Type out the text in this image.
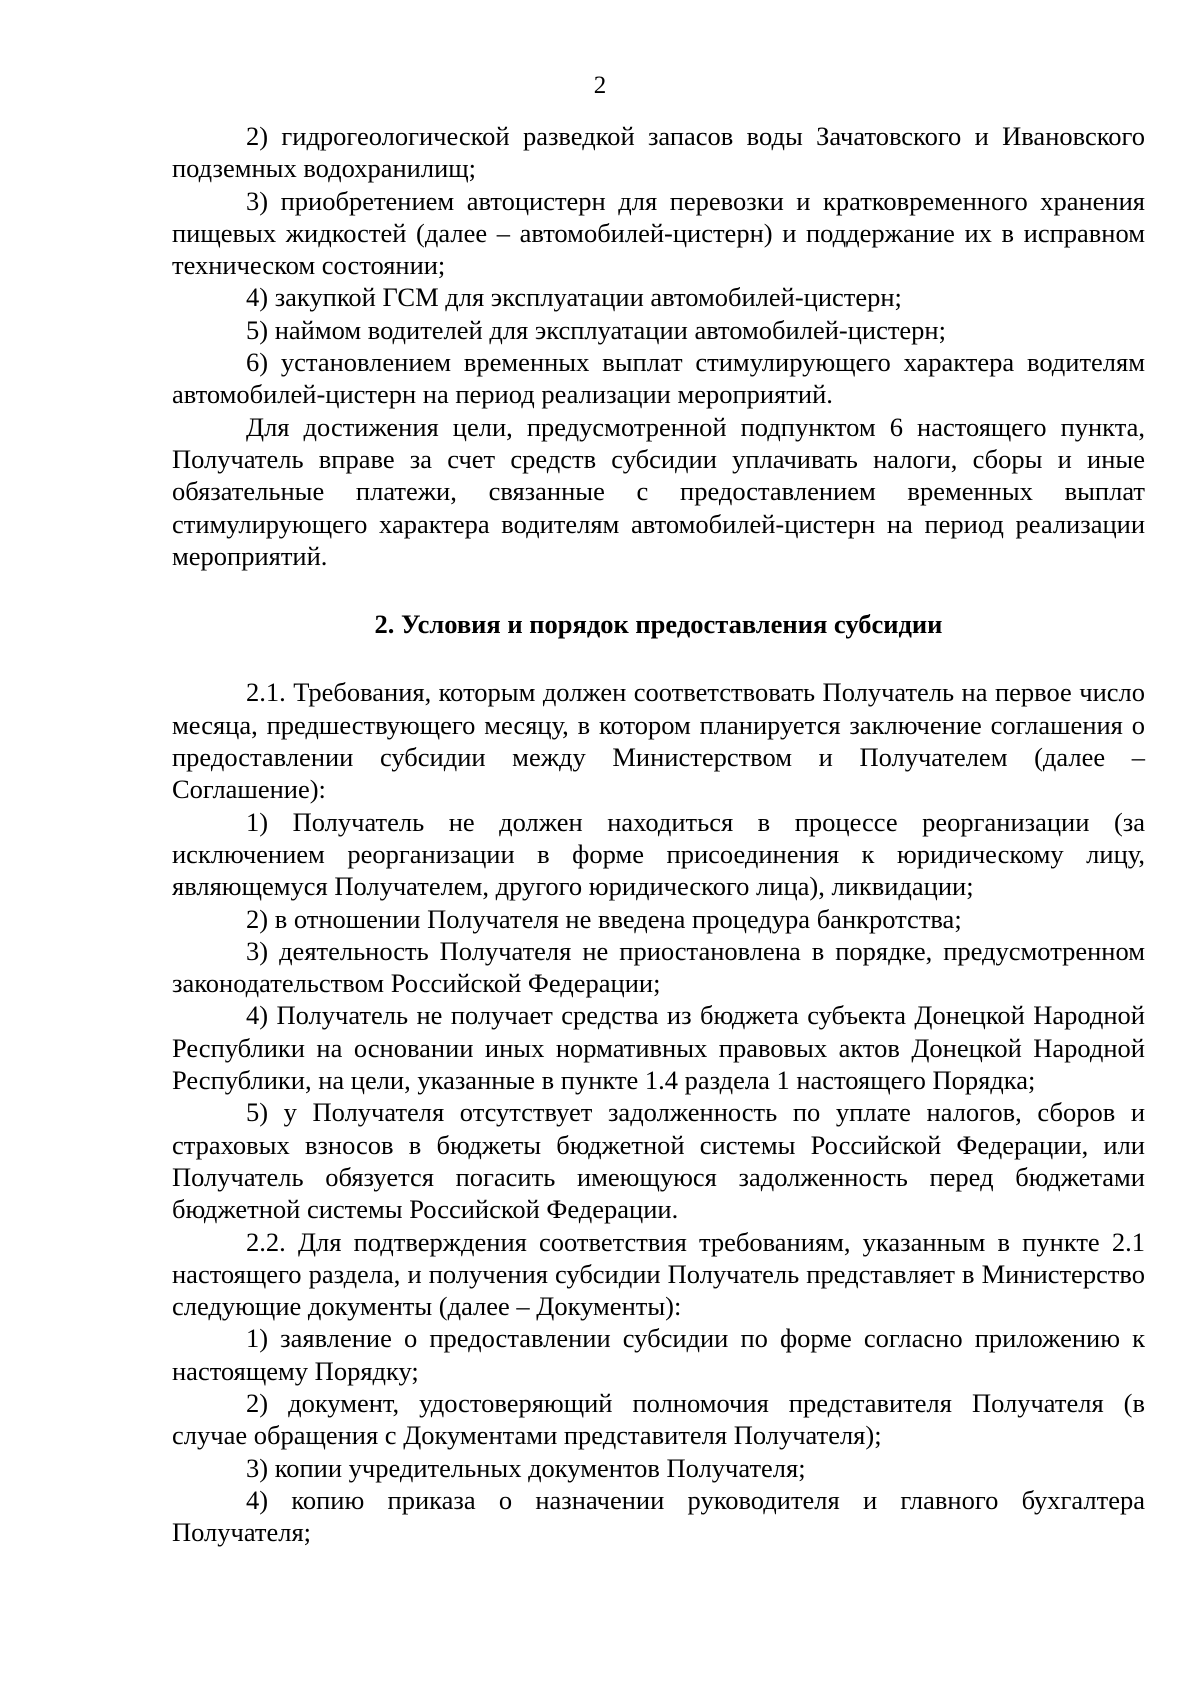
2

2) гидрогеологической разведкой запасов воды Зачатовского и Ивановского подземных водохранилищ;

3) приобретением автоцистерн для перевозки и кратковременного хранения пищевых жидкостей (далее – автомобилей-цистерн) и поддержание их в исправном техническом состоянии;

4) закупкой ГСМ для эксплуатации автомобилей-цистерн;

5) наймом водителей для эксплуатации автомобилей-цистерн;

6) установлением временных выплат стимулирующего характера водителям автомобилей-цистерн на период реализации мероприятий.

Для достижения цели, предусмотренной подпунктом 6 настоящего пункта, Получатель вправе за счет средств субсидии уплачивать налоги, сборы и иные обязательные платежи, связанные с предоставлением временных выплат стимулирующего характера водителям автомобилей-цистерн на период реализации мероприятий.

2. Условия и порядок предоставления субсидии

2.1. Требования, которым должен соответствовать Получатель на первое число месяца, предшествующего месяцу, в котором планируется заключение соглашения о предоставлении субсидии между Министерством и Получателем (далее – Соглашение):

1) Получатель не должен находиться в процессе реорганизации (за исключением реорганизации в форме присоединения к юридическому лицу, являющемуся Получателем, другого юридического лица), ликвидации;

2) в отношении Получателя не введена процедура банкротства;

3) деятельность Получателя не приостановлена в порядке, предусмотренном законодательством Российской Федерации;

4) Получатель не получает средства из бюджета субъекта Донецкой Народной Республики на основании иных нормативных правовых актов Донецкой Народной Республики, на цели, указанные в пункте 1.4 раздела 1 настоящего Порядка;

5) у Получателя отсутствует задолженность по уплате налогов, сборов и страховых взносов в бюджеты бюджетной системы Российской Федерации, или Получатель обязуется погасить имеющуюся задолженность перед бюджетами бюджетной системы Российской Федерации.

2.2. Для подтверждения соответствия требованиям, указанным в пункте 2.1 настоящего раздела, и получения субсидии Получатель представляет в Министерство следующие документы (далее – Документы):

1) заявление о предоставлении субсидии по форме согласно приложению к настоящему Порядку;

2) документ, удостоверяющий полномочия представителя Получателя (в случае обращения с Документами представителя Получателя);

3) копии учредительных документов Получателя;

4) копию приказа о назначении руководителя и главного бухгалтера Получателя;
